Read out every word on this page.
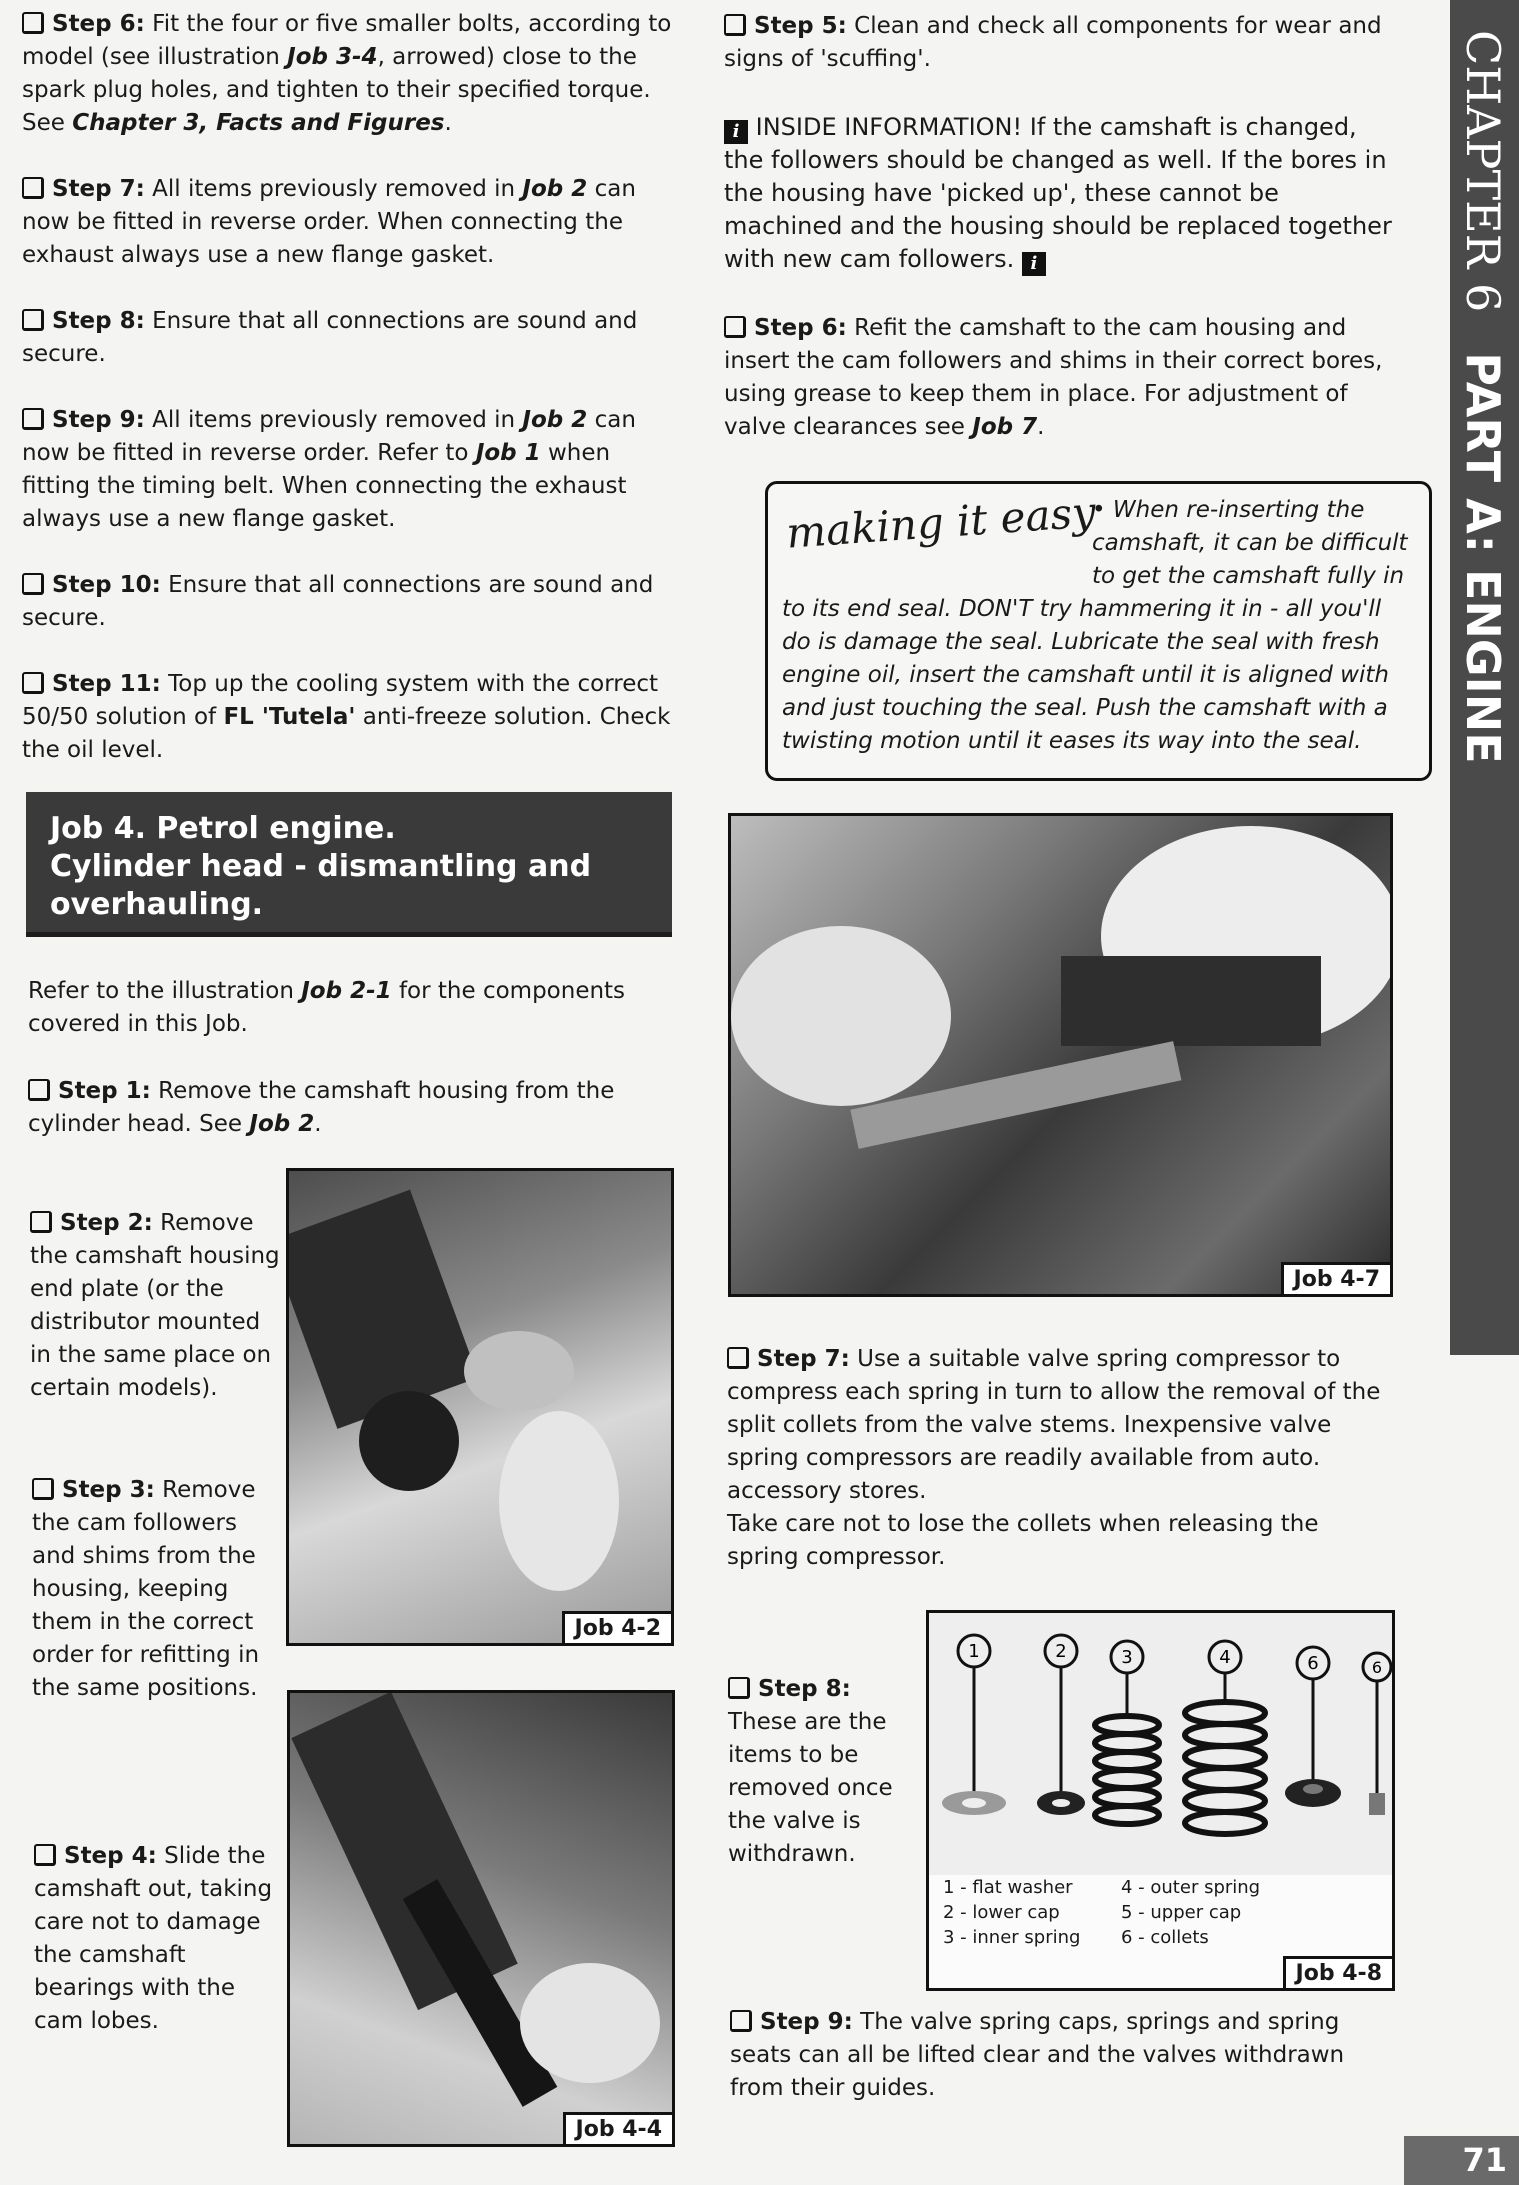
Step 6: Fit the four or five smaller bolts, according to model (see illustration Job 3-4, arrowed) close to the spark plug holes, and tighten to their specified torque. See Chapter 3, Facts and Figures.

Step 7: All items previously removed in Job 2 can now be fitted in reverse order. When connecting the exhaust always use a new flange gasket.

Step 8: Ensure that all connections are sound and secure.

Step 9: All items previously removed in Job 2 can now be fitted in reverse order. Refer to Job 1 when fitting the timing belt. When connecting the exhaust always use a new flange gasket.

Step 10: Ensure that all connections are sound and secure.

Step 11: Top up the cooling system with the correct 50/50 solution of FL 'Tutela' anti-freeze solution. Check the oil level.

Job 4. Petrol engine.
Cylinder head - dismantling and
overhauling.

Refer to the illustration Job 2-1 for the components covered in this Job.

Step 1: Remove the camshaft housing from the cylinder head. See Job 2.

Step 2: Remove the camshaft housing end plate (or the distributor mounted in the same place on certain models).

Step 3: Remove the cam followers and shims from the housing, keeping them in the correct order for refitting in the same positions.

Step 4: Slide the camshaft out, taking care not to damage the camshaft bearings with the cam lobes.

Job 4-2
Job 4-4

Step 5: Clean and check all components for wear and signs of 'scuffing'.

i INSIDE INFORMATION! If the camshaft is changed, the followers should be changed as well. If the bores in the housing have 'picked up', these cannot be machined and the housing should be replaced together with new cam followers. i

Step 6: Refit the camshaft to the cam housing and insert the cam followers and shims in their correct bores, using grease to keep them in place. For adjustment of valve clearances see Job 7.

making it easy
• When re-inserting the camshaft, it can be difficult to get the camshaft fully in to its end seal. DON'T try hammering it in - all you'll do is damage the seal. Lubricate the seal with fresh engine oil, insert the camshaft until it is aligned with and just touching the seal. Push the camshaft with a twisting motion until it eases its way into the seal.
Job 4-7

Step 7: Use a suitable valve spring compressor to compress each spring in turn to allow the removal of the split collets from the valve stems. Inexpensive valve spring compressors are readily available from auto. accessory stores.

Take care not to lose the collets when releasing the spring compressor.

Step 8: These are the items to be removed once the valve is withdrawn.

1	2	3	4	6	6
1 - flat washer
2 - lower cap
3 - inner spring
4 - outer spring
5 - upper cap
6 - collets
Job 4-8

Step 9: The valve spring caps, springs and spring seats can all be lifted clear and the valves withdrawn from their guides.

CHAPTER 6PART A: ENGINE
71
